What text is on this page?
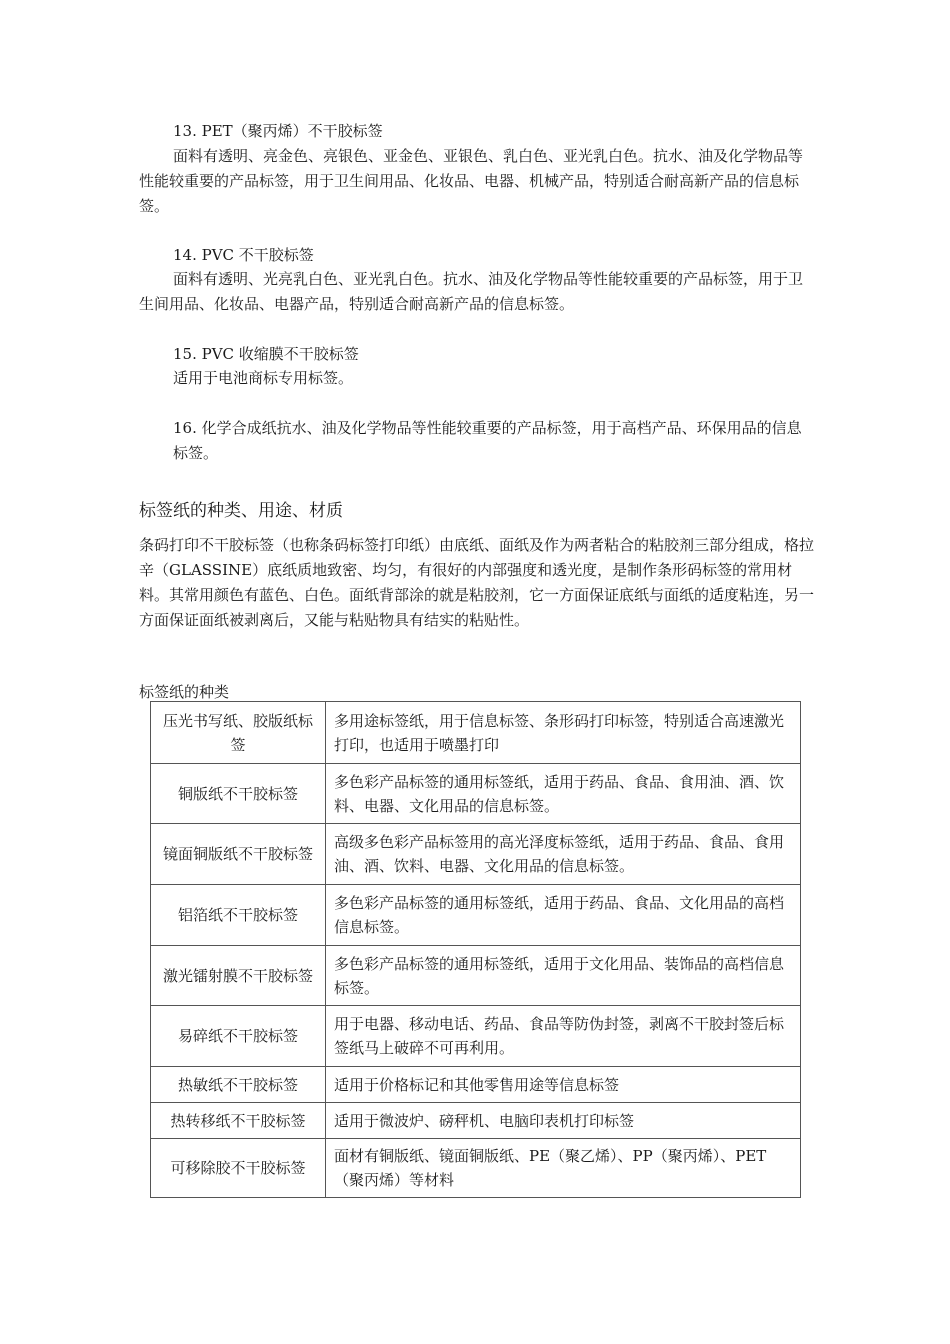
13. PET（聚丙烯）不干胶标签
面料有透明、亮金色、亮银色、亚金色、亚银色、乳白色、亚光乳白色。抗水、油及化学物品等性能较重要的产品标签，用于卫生间用品、化妆品、电器、机械产品，特别适合耐高新产品的信息标签。
14. PVC 不干胶标签
面料有透明、光亮乳白色、亚光乳白色。抗水、油及化学物品等性能较重要的产品标签，用于卫生间用品、化妆品、电器产品，特别适合耐高新产品的信息标签。
15. PVC 收缩膜不干胶标签
适用于电池商标专用标签。
16. 化学合成纸抗水、油及化学物品等性能较重要的产品标签，用于高档产品、环保用品的信息标签。
标签纸的种类、用途、材质
条码打印不干胶标签（也称条码标签打印纸）由底纸、面纸及作为两者粘合的粘胶剂三部分组成，格拉辛（GLASSINE）底纸质地致密、均匀，有很好的内部强度和透光度，是制作条形码标签的常用材料。其常用颜色有蓝色、白色。面纸背部涂的就是粘胶剂，它一方面保证底纸与面纸的适度粘连，另一方面保证面纸被剥离后，又能与粘贴物具有结实的粘贴性。
标签纸的种类
压光书写纸、胶版纸标签	多用途标签纸，用于信息标签、条形码打印标签，特别适合高速激光打印，也适用于喷墨打印
铜版纸不干胶标签	多色彩产品标签的通用标签纸，适用于药品、食品、食用油、酒、饮料、电器、文化用品的信息标签。
镜面铜版纸不干胶标签	高级多色彩产品标签用的高光泽度标签纸，适用于药品、食品、食用油、酒、饮料、电器、文化用品的信息标签。
铝箔纸不干胶标签	多色彩产品标签的通用标签纸，适用于药品、食品、文化用品的高档信息标签。
激光镭射膜不干胶标签	多色彩产品标签的通用标签纸，适用于文化用品、装饰品的高档信息标签。
易碎纸不干胶标签	用于电器、移动电话、药品、食品等防伪封签，剥离不干胶封签后标签纸马上破碎不可再利用。
热敏纸不干胶标签	适用于价格标记和其他零售用途等信息标签
热转移纸不干胶标签	适用于微波炉、磅秤机、电脑印表机打印标签
可移除胶不干胶标签	面材有铜版纸、镜面铜版纸、PE（聚乙烯）、PP（聚丙烯）、PET（聚丙烯）等材料
